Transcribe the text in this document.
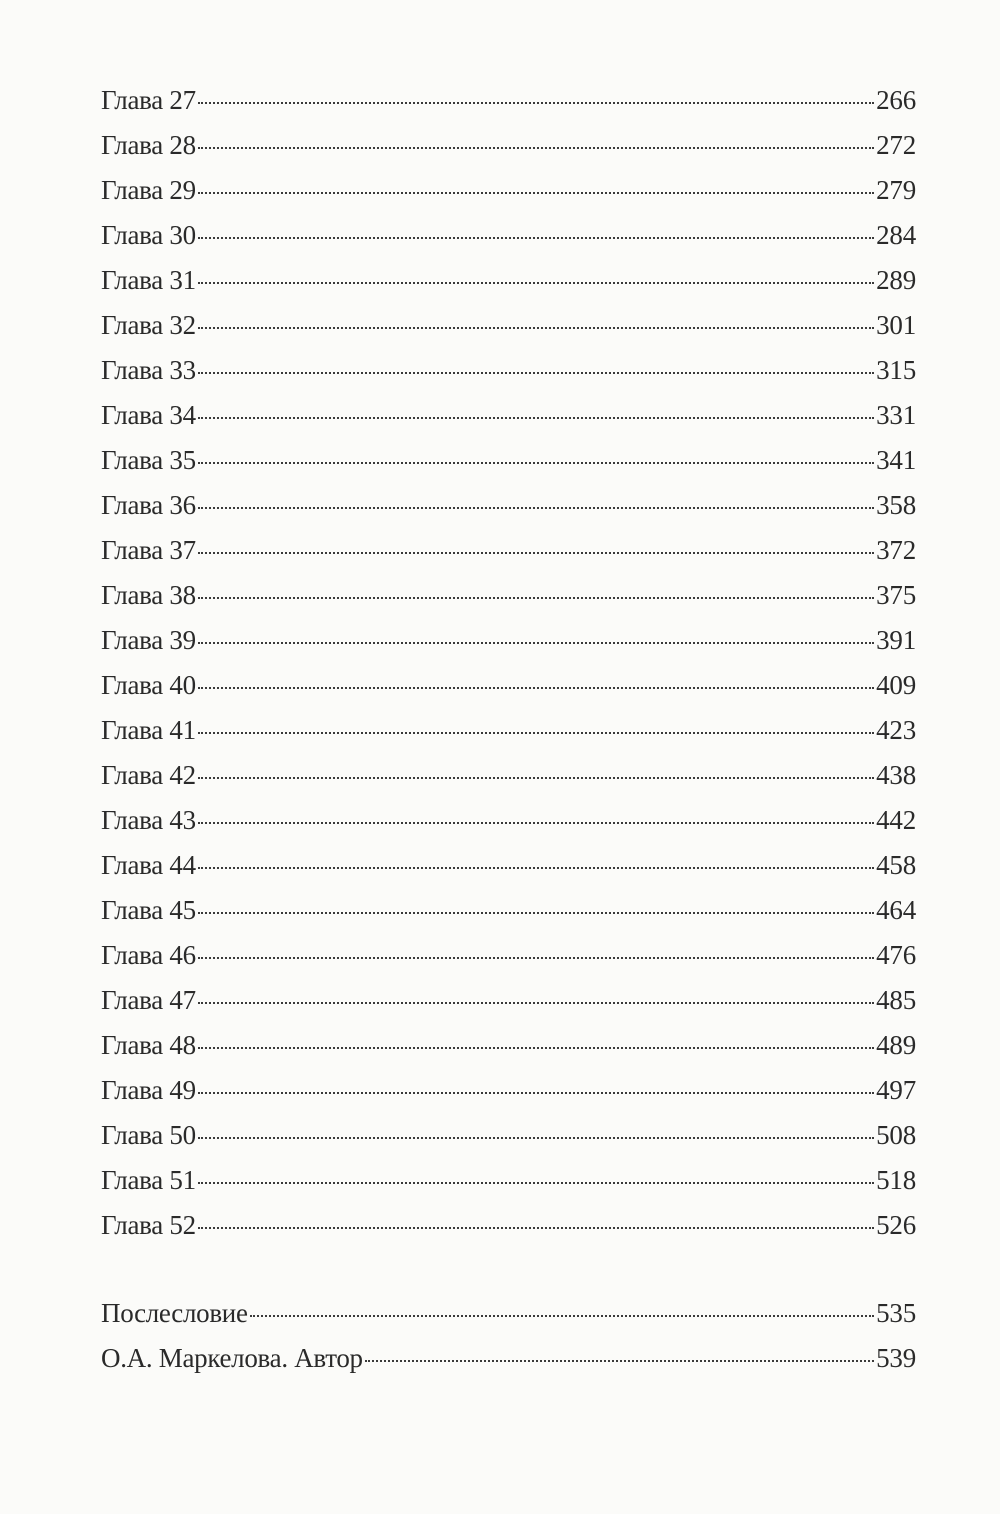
Глава 27	266
Глава 28	272
Глава 29	279
Глава 30	284
Глава 31	289
Глава 32	301
Глава 33	315
Глава 34	331
Глава 35	341
Глава 36	358
Глава 37	372
Глава 38	375
Глава 39	391
Глава 40	409
Глава 41	423
Глава 42	438
Глава 43	442
Глава 44	458
Глава 45	464
Глава 46	476
Глава 47	485
Глава 48	489
Глава 49	497
Глава 50	508
Глава 51	518
Глава 52	526
Послесловие	535
О.А. Маркелова. Автор	539
